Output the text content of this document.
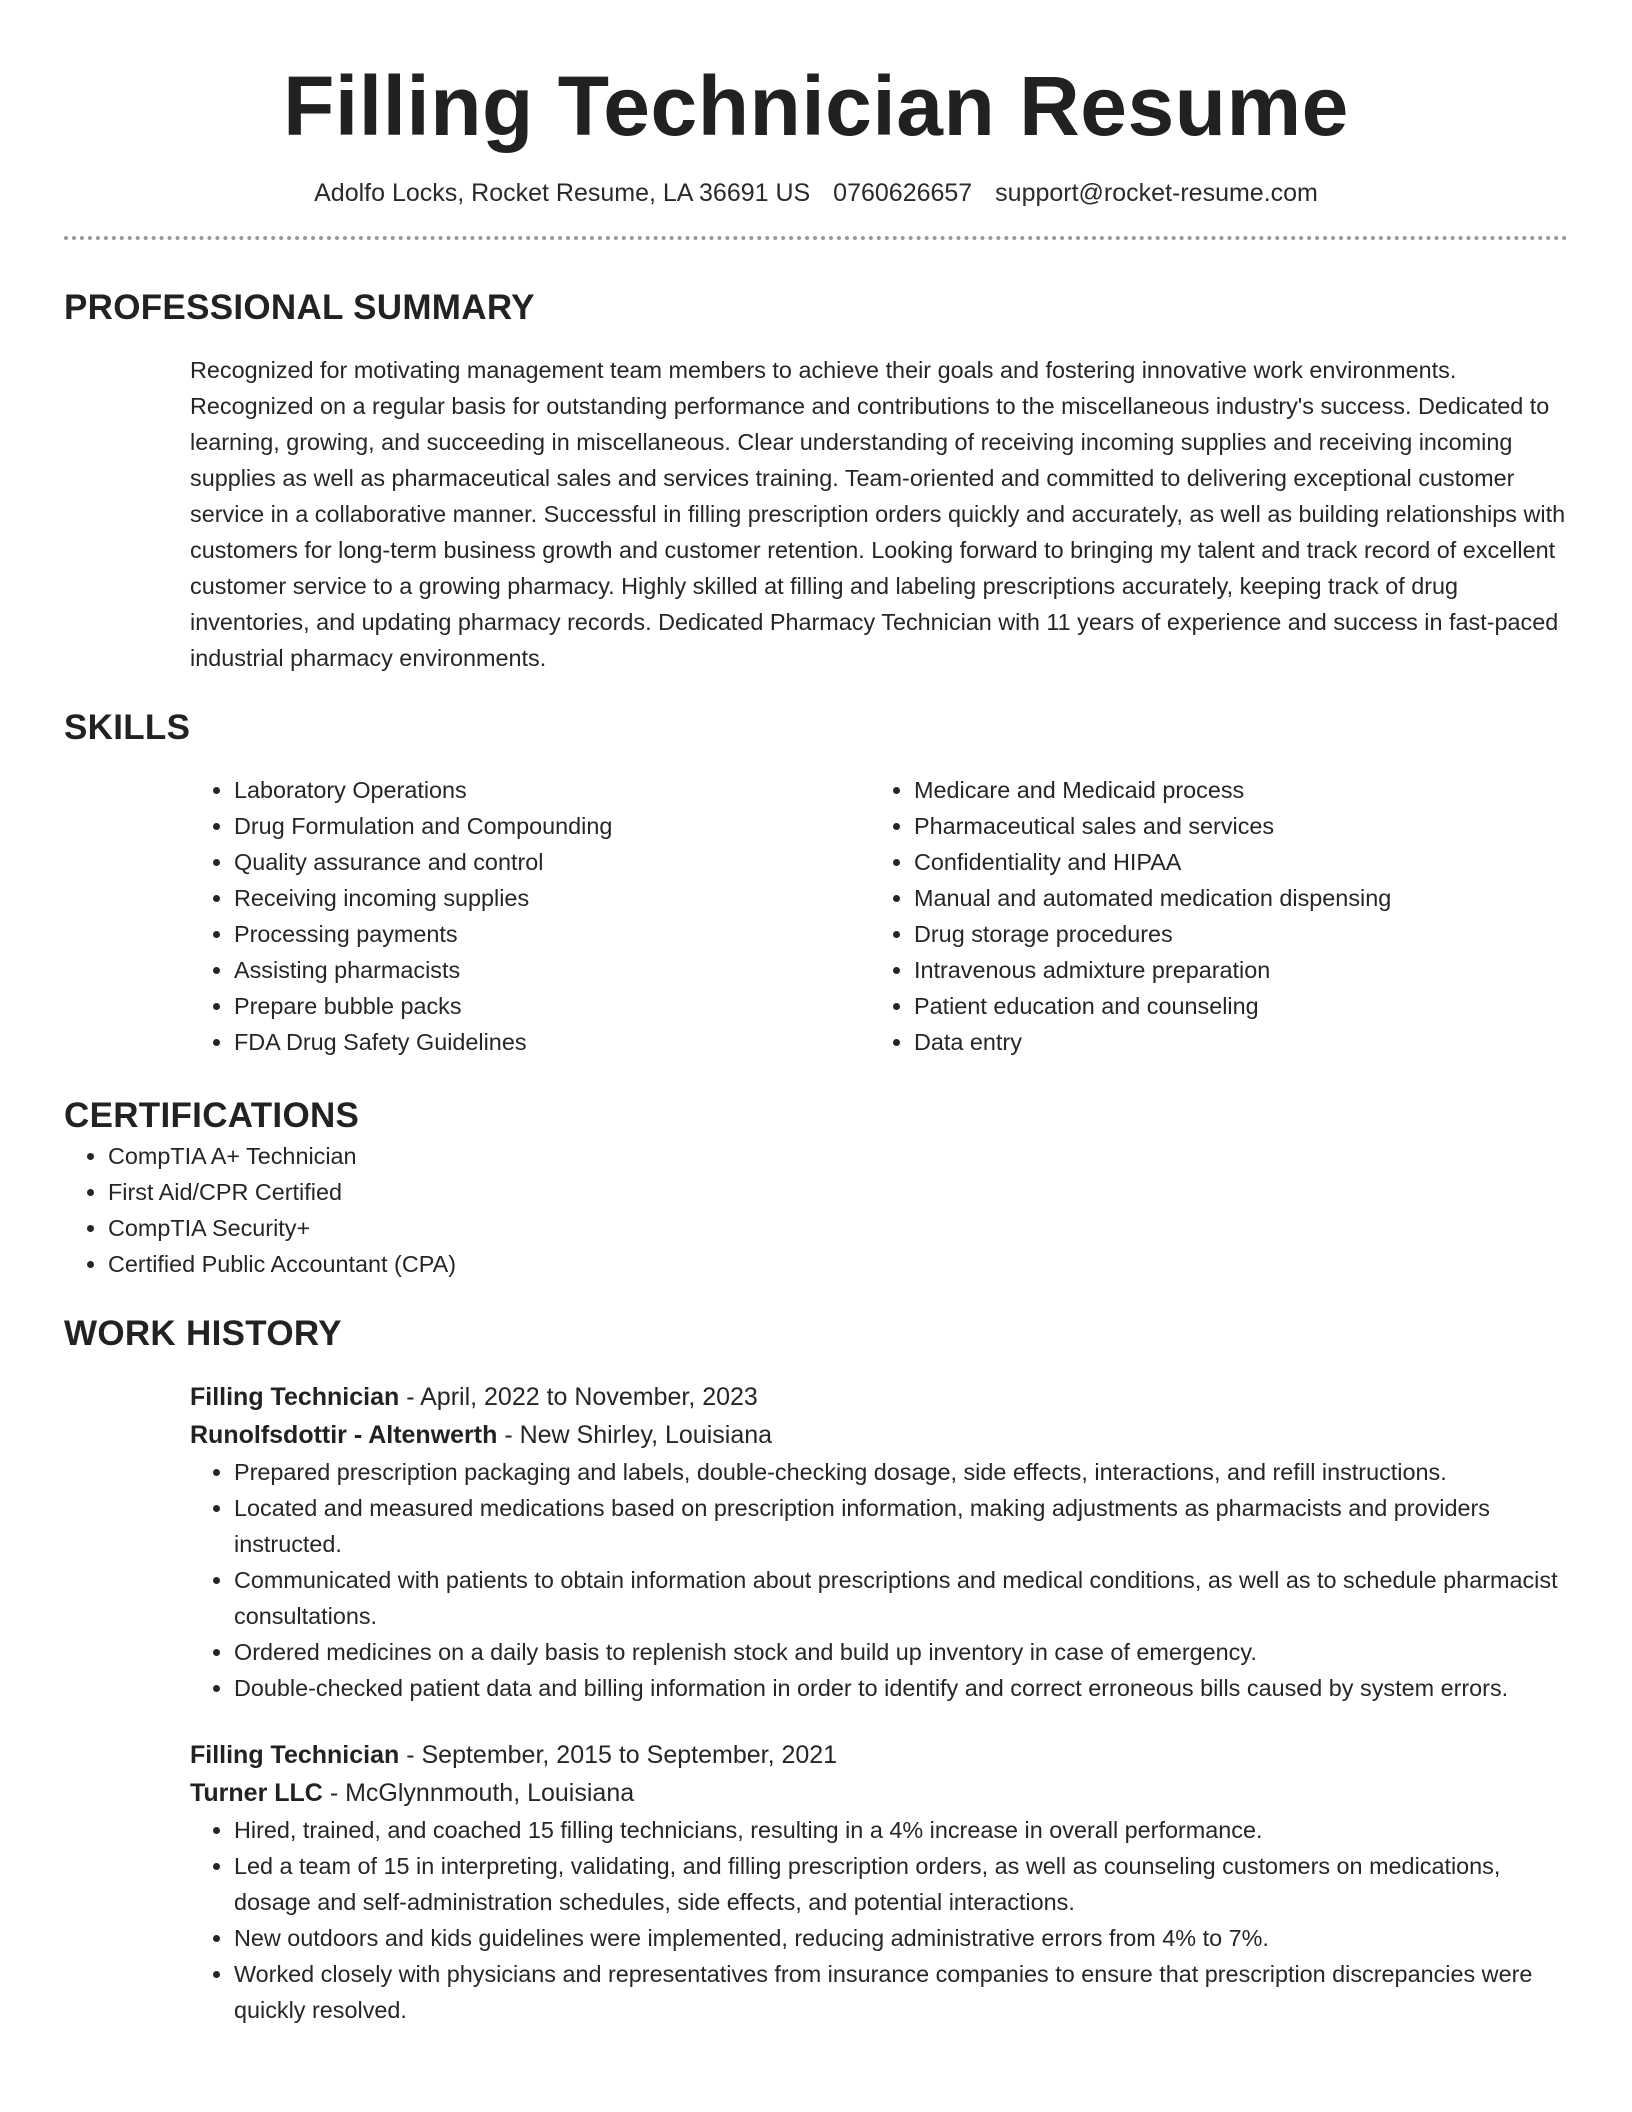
Filling Technician Resume
Adolfo Locks, Rocket Resume, LA 36691 US 0760626657 support@rocket-resume.com
PROFESSIONAL SUMMARY

Recognized for motivating management team members to achieve their goals and fostering innovative work environments. Recognized on a regular basis for outstanding performance and contributions to the miscellaneous industry's success. Dedicated to learning, growing, and succeeding in miscellaneous. Clear understanding of receiving incoming supplies and receiving incoming supplies as well as pharmaceutical sales and services training. Team-oriented and committed to delivering exceptional customer service in a collaborative manner. Successful in filling prescription orders quickly and accurately, as well as building relationships with customers for long-term business growth and customer retention. Looking forward to bringing my talent and track record of excellent customer service to a growing pharmacy. Highly skilled at filling and labeling prescriptions accurately, keeping track of drug inventories, and updating pharmacy records. Dedicated Pharmacy Technician with 11 years of experience and success in fast-paced industrial pharmacy environments.

SKILLS
• Laboratory Operations
• Drug Formulation and Compounding
• Quality assurance and control
• Receiving incoming supplies
• Processing payments
• Assisting pharmacists
• Prepare bubble packs
• FDA Drug Safety Guidelines
• Medicare and Medicaid process
• Pharmaceutical sales and services
• Confidentiality and HIPAA
• Manual and automated medication dispensing
• Drug storage procedures
• Intravenous admixture preparation
• Patient education and counseling
• Data entry
CERTIFICATIONS
• CompTIA A+ Technician
• First Aid/CPR Certified
• CompTIA Security+
• Certified Public Accountant (CPA)
WORK HISTORY
Filling Technician - April, 2022 to November, 2023
Runolfsdottir - Altenwerth - New Shirley, Louisiana
• Prepared prescription packaging and labels, double-checking dosage, side effects, interactions, and refill instructions.
• Located and measured medications based on prescription information, making adjustments as pharmacists and providers instructed.
• Communicated with patients to obtain information about prescriptions and medical conditions, as well as to schedule pharmacist consultations.
• Ordered medicines on a daily basis to replenish stock and build up inventory in case of emergency.
• Double-checked patient data and billing information in order to identify and correct erroneous bills caused by system errors.
Filling Technician - September, 2015 to September, 2021
Turner LLC - McGlynnmouth, Louisiana
• Hired, trained, and coached 15 filling technicians, resulting in a 4% increase in overall performance.
• Led a team of 15 in interpreting, validating, and filling prescription orders, as well as counseling customers on medications, dosage and self-administration schedules, side effects, and potential interactions.
• New outdoors and kids guidelines were implemented, reducing administrative errors from 4% to 7%.
• Worked closely with physicians and representatives from insurance companies to ensure that prescription discrepancies were quickly resolved.
